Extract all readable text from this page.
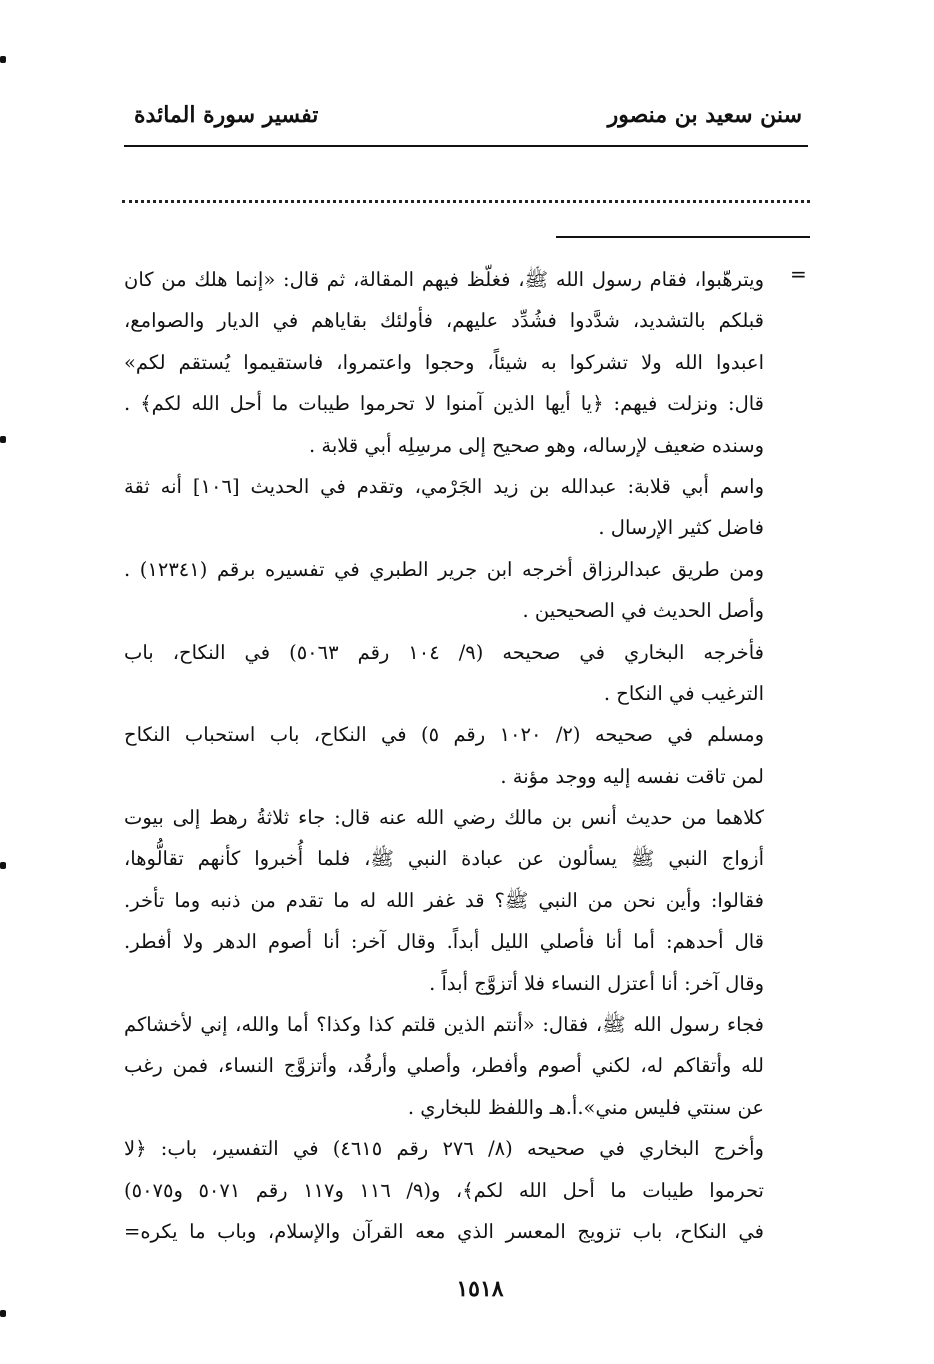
سنن سعيد بن منصور
تفسير سورة المائدة
=
ويترهّبوا، فقام رسول الله ﷺ، فغلّظ فيهم المقالة، ثم قال: «إنما هلك من كان
قبلكم بالتشديد، شدَّدوا فشُدِّد عليهم، فأولئك بقاياهم في الديار والصوامع،
اعبدوا الله ولا تشركوا به شيئاً، وحجوا واعتمروا، فاستقيموا يُستقم لكم»
قال: ونزلت فيهم: ﴿يا أيها الذين آمنوا لا تحرموا طيبات ما أحل الله لكم﴾ .
وسنده ضعيف لإرساله، وهو صحيح إلى مرسِلِه أبي قلابة .
واسم أبي قلابة: عبدالله بن زيد الجَرْمي، وتقدم في الحديث [١٠٦] أنه ثقة
فاضل كثير الإرسال .
ومن طريق عبدالرزاق أخرجه ابن جرير الطبري في تفسيره برقم (١٢٣٤١) .
وأصل الحديث في الصحيحين .
فأخرجه البخاري في صحيحه (٩/ ١٠٤ رقم ٥٠٦٣) في النكاح، باب
الترغيب في النكاح .
ومسلم في صحيحه (٢/ ١٠٢٠ رقم ٥) في النكاح، باب استحباب النكاح
لمن تاقت نفسه إليه ووجد مؤنة .
كلاهما من حديث أنس بن مالك رضي الله عنه قال: جاء ثلاثةُ رهط إلى بيوت
أزواج النبي ﷺ يسألون عن عبادة النبي ﷺ، فلما أُخبروا كأنهم تقالُّوها،
فقالوا: وأين نحن من النبي ﷺ؟ قد غفر الله له ما تقدم من ذنبه وما تأخر.
قال أحدهم: أما أنا فأصلي الليل أبداً. وقال آخر: أنا أصوم الدهر ولا أفطر.
وقال آخر: أنا أعتزل النساء فلا أتزوَّج أبداً .
فجاء رسول الله ﷺ، فقال: «أنتم الذين قلتم كذا وكذا؟ أما والله، إني لأخشاكم
لله وأتقاكم له، لكني أصوم وأفطر، وأصلي وأرقُد، وأتزوَّج النساء، فمن رغب
عن سنتي فليس مني».أ.هـ واللفظ للبخاري .
وأخرج البخاري في صحيحه (٨/ ٢٧٦ رقم ٤٦١٥) في التفسير، باب: ﴿لا
تحرموا طيبات ما أحل الله لكم﴾، و(٩/ ١١٦ و١١٧ رقم ٥٠٧١ و٥٠٧٥)
في النكاح، باب تزويج المعسر الذي معه القرآن والإسلام، وباب ما يكره=
١٥١٨
